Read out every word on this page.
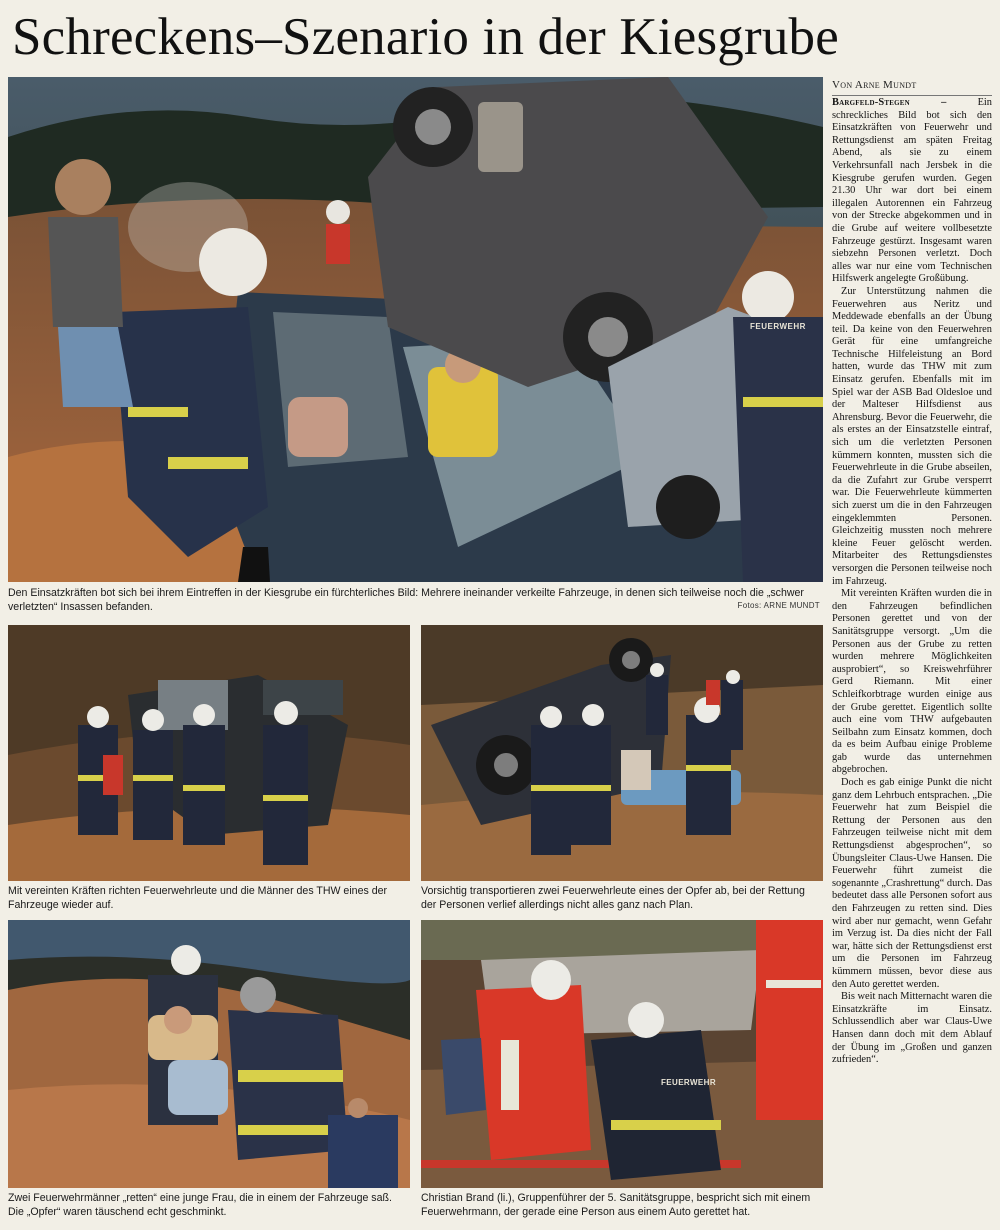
Schreckens–Szenario in der Kiesgrube
FEUERWEHR
Den Einsatzkräften bot sich bei ihrem Eintreffen in der Kiesgrube ein fürchterliches Bild: Mehrere ineinander verkeilte Fahrzeuge, in denen sich teilweise noch die „schwer verletzten“ Insassen befanden.	Fotos: ARNE MUNDT
Mit vereinten Kräften richten Feuerwehrleute und die Männer des THW eines der Fahrzeuge wieder auf.
Vorsichtig transportieren zwei Feuerwehrleute eines der Opfer ab, bei der Rettung der Personen verlief allerdings nicht alles ganz nach Plan.
Zwei Feuerwehrmänner „retten“ eine junge Frau, die in einem der Fahrzeuge saß. Die „Opfer“ waren täuschend echt geschminkt.
FEUERWEHR
Christian Brand (li.), Gruppenführer der 5. Sanitätsgruppe, bespricht sich mit einem Feuerwehrmann, der gerade eine Person aus einem Auto gerettet hat.
Von Arne Mundt

Bargfeld-Stegen –	Ein schreckliches Bild bot sich den Einsatzkräften von Feuerwehr und Rettungsdienst am späten Freitag Abend, als sie zu einem Verkehrsunfall nach Jersbek in die Kiesgrube gerufen wurden. Gegen 21.30 Uhr war dort bei einem illegalen Autorennen ein Fahrzeug von der Strecke abgekommen und in die Grube auf weitere vollbesetzte Fahrzeuge gestürzt. Insgesamt waren siebzehn Personen verletzt. Doch alles war nur eine vom Technischen Hilfswerk angelegte Großübung.

Zur Unterstützung nahmen die Feuerwehren aus Neritz und Meddewade ebenfalls an der Übung teil. Da keine von den Feuerwehren Gerät für eine umfangreiche Technische Hilfeleistung an Bord hatten, wurde das THW mit zum Einsatz gerufen. Ebenfalls mit im Spiel war der ASB Bad Oldesloe und der Malteser Hilfsdienst aus Ahrensburg. Bevor die Feuerwehr, die als erstes an der Einsatzstelle eintraf, sich um die verletzten Personen kümmern konnten, mussten sich die Feuerwehrleute in die Grube abseilen, da die Zufahrt zur Grube versperrt war. Die Feuerwehrleute kümmerten sich zuerst um die in den Fahrzeugen eingeklemmten Personen. Gleichzeitig mussten noch mehrere kleine Feuer gelöscht werden. Mitarbeiter des Rettungsdienstes versorgen die Personen teilweise noch im Fahrzeug.

Mit vereinten Kräften wurden die in den Fahrzeugen befindlichen Personen gerettet und von der Sanitätsgruppe versorgt. „Um die Personen aus der Grube zu retten wurden mehrere Möglichkeiten ausprobiert“, so Kreiswehrführer Gerd Riemann. Mit einer Schleifkorbtrage wurden einige aus der Grube gerettet. Eigentlich sollte auch eine vom THW aufgebauten Seilbahn zum Einsatz kommen, doch da es beim Aufbau einige Probleme gab wurde das unternehmen abgebrochen.

Doch es gab einige Punkt die nicht ganz dem Lehrbuch entsprachen. „Die Feuerwehr hat zum Beispiel die Rettung der Personen aus den Fahrzeugen teilweise nicht mit dem Rettungsdienst abgesprochen“, so Übungsleiter Claus-Uwe Hansen. Die Feuerwehr führt zumeist die sogenannte „Crashrettung“ durch. Das bedeutet dass alle Personen sofort aus den Fahrzeugen zu retten sind. Dies wird aber nur gemacht, wenn Gefahr im Verzug ist. Da dies nicht der Fall war, hätte sich der Rettungsdienst erst um die Personen im Fahrzeug kümmern müssen, bevor diese aus den Auto gerettet werden.

Bis weit nach Mitternacht waren die Einsatzkräfte im Einsatz. Schlussendlich aber war Claus-Uwe Hansen dann doch mit dem Ablauf der Übung im „Großen und ganzen zufrieden“.
